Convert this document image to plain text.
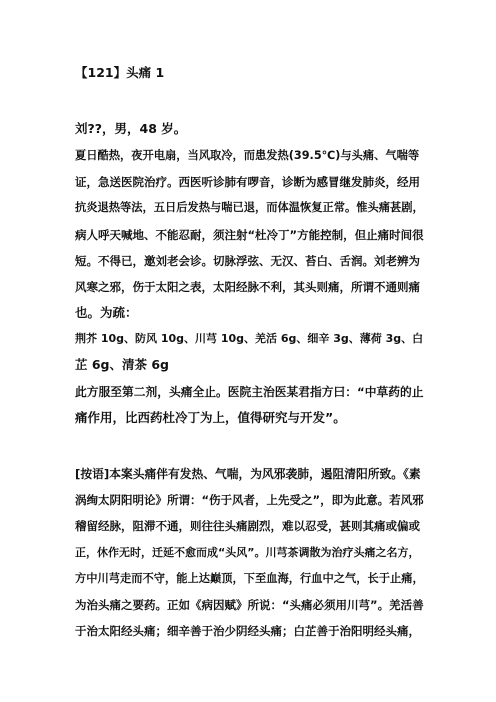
【121】头痛 1
刘??，男，48 岁。
夏日酷热，夜开电扇，当风取冷，而患发热(39.5℃)与头痛、气喘等
证，急送医院治疗。西医听诊肺有啰音，诊断为感冒继发肺炎，经用
抗炎退热等法，五日后发热与喘已退，而体温恢复正常。惟头痛甚剧，
病人呼天喊地、不能忍耐，须注射“杜冷丁”方能控制，但止痛时间很
短。不得已，邀刘老会诊。切脉浮弦、无汉、苔白、舌润。刘老辨为
风寒之邪，伤于太阳之表，太阳经脉不利，其头则痛，所谓不通则痛
也。为疏：
荆芥 10g、防风 10g、川芎 10g、羌活 6g、细辛 3g、薄荷 3g、白
芷 6g、清茶 6g
此方服至第二剂，头痛全止。医院主治医某君指方曰：“中草药的止
痛作用，比西药杜冷丁为上，值得研究与开发”。
[按语]本案头痛伴有发热、气喘，为风邪袭肺，遏阻清阳所致。《素
涡绚太阴阳明论》所谓：“伤于风者，上先受之”，即为此意。若风邪
稽留经脉，阻滞不通，则往往头痛剧烈，难以忍受，甚则其痛或偏或
正，休作无时，迁延不愈而成“头风”。川芎茶调散为治疗头痛之名方，
方中川芎走而不守，能上达巅顶，下至血海，行血中之气，长于止痛，
为治头痛之要药。正如《病因赋》所说：“头痛必须用川芎”。羌活善
于治太阳经头痛；细辛善于治少阴经头痛；白芷善于治阳明经头痛，
